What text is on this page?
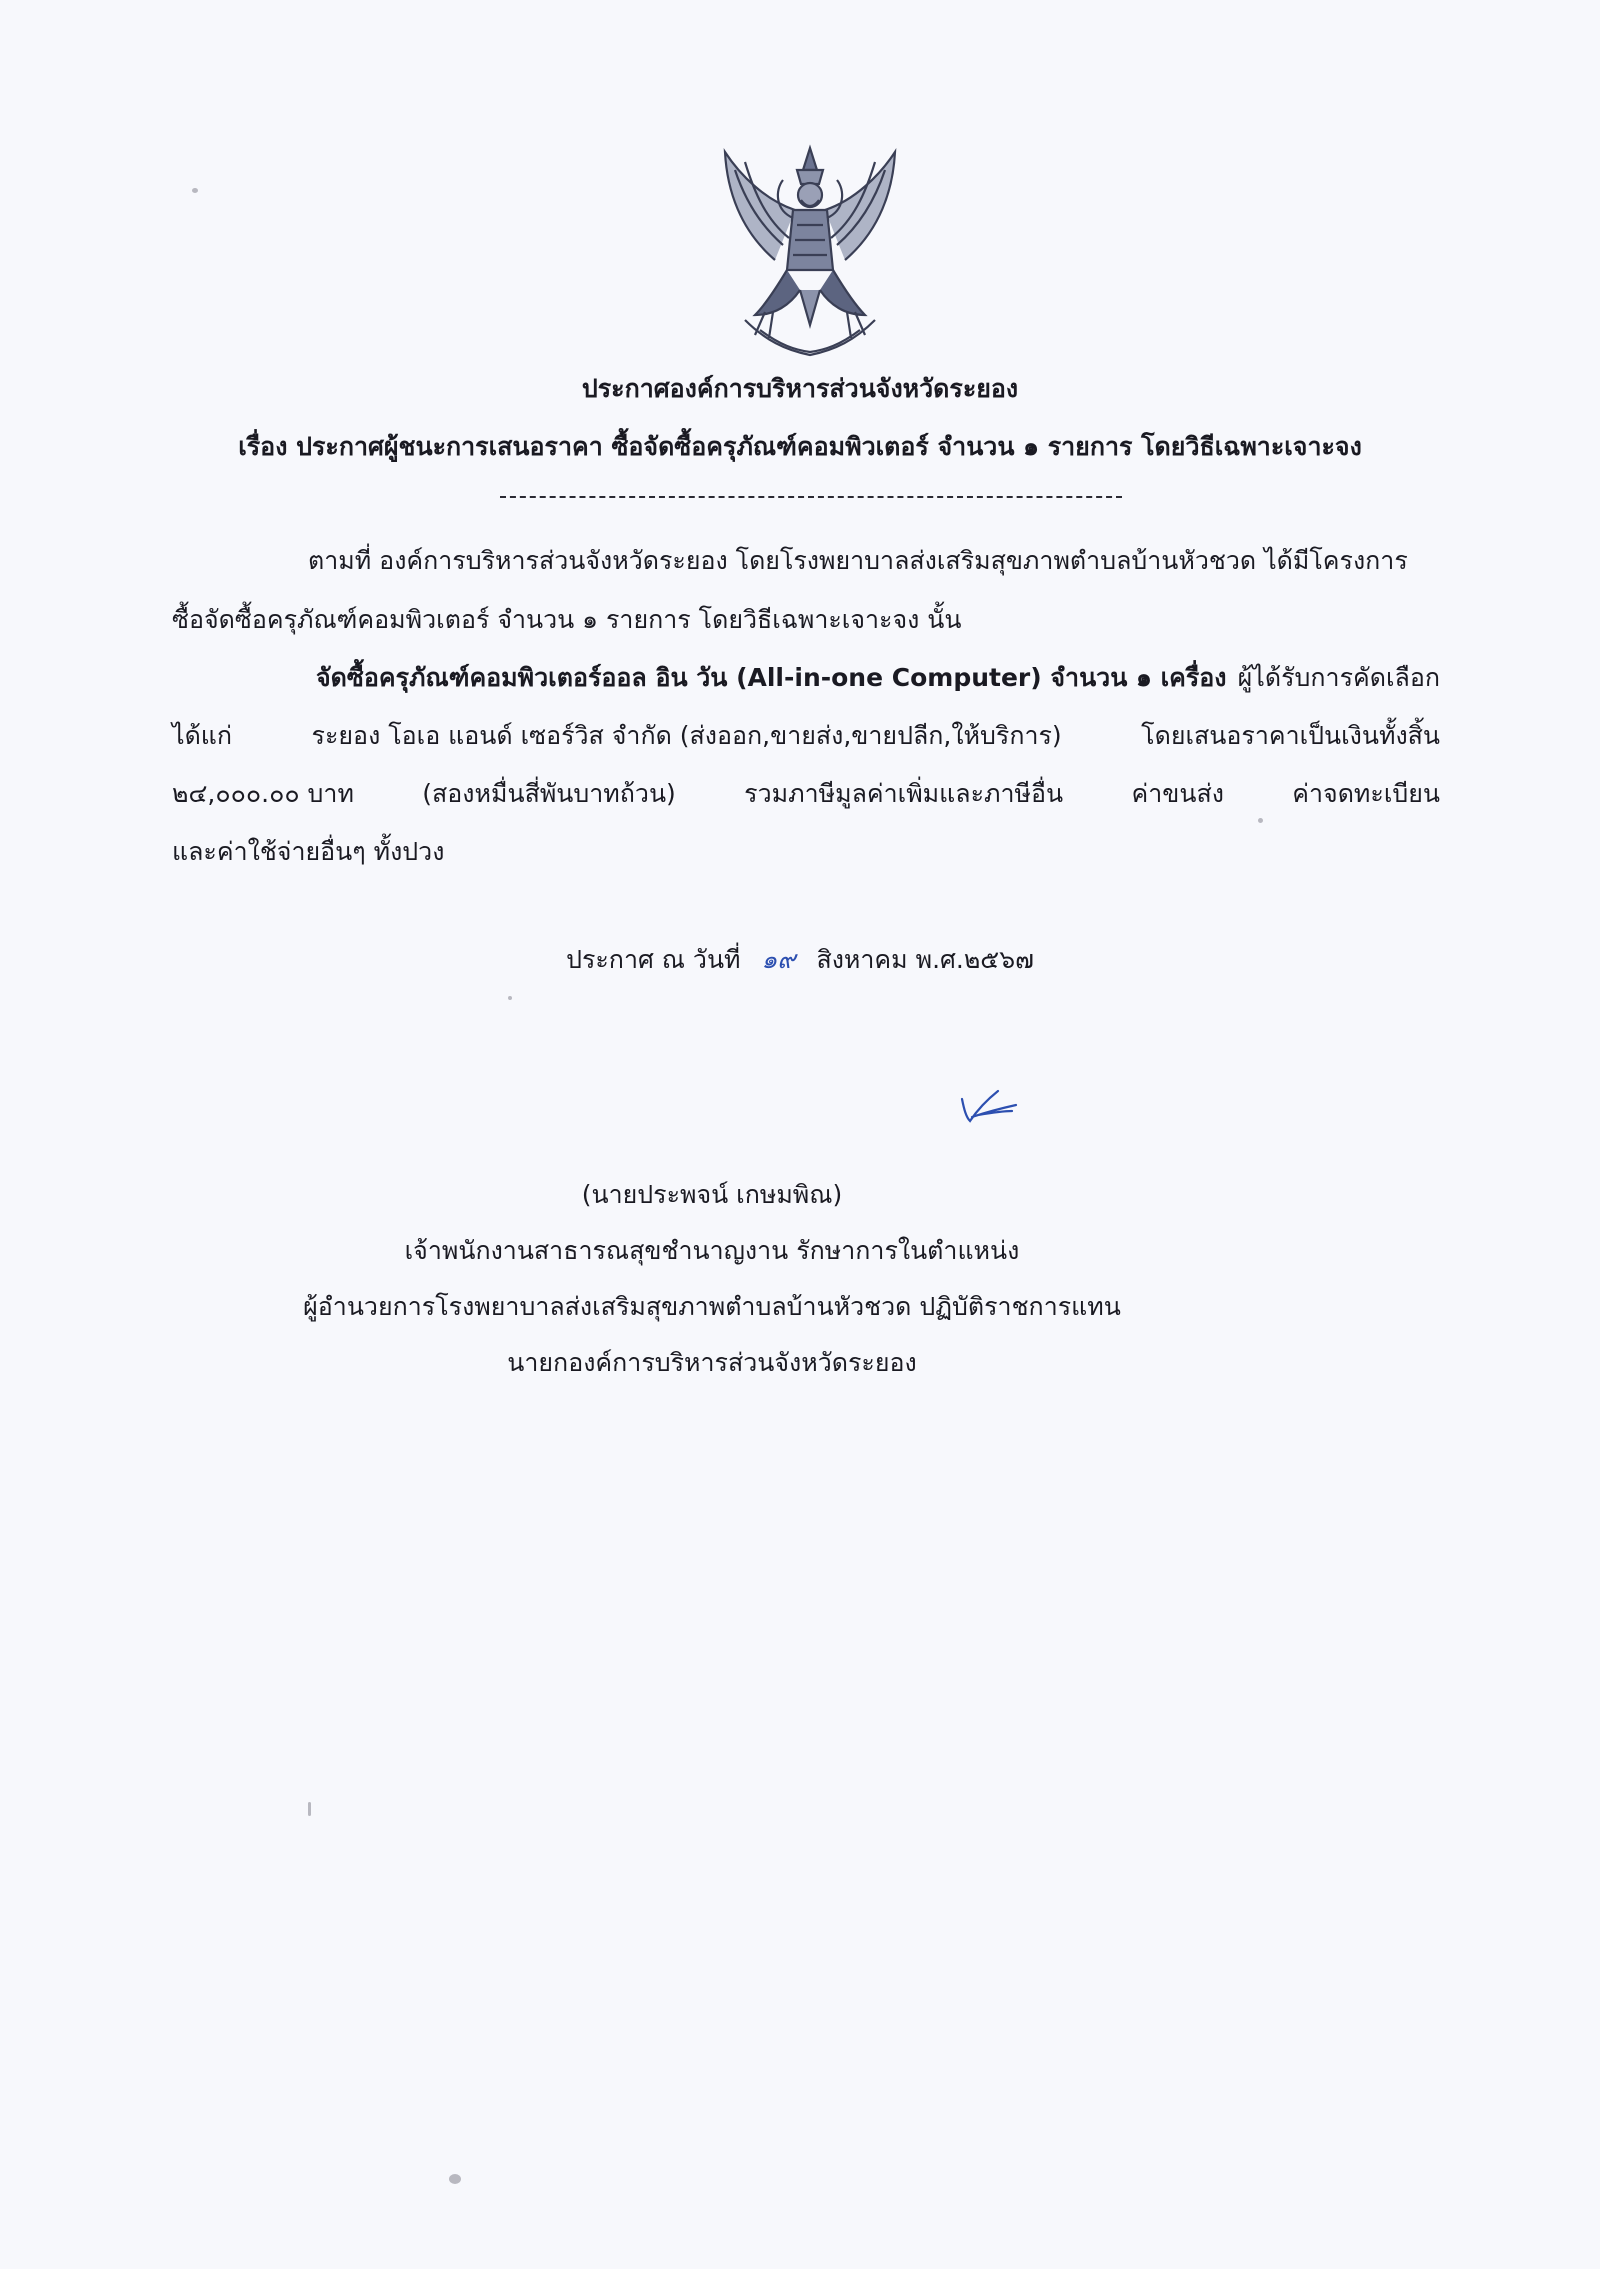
ประกาศองค์การบริหารส่วนจังหวัดระยอง
เรื่อง ประกาศผู้ชนะการเสนอราคา ซื้อจัดซื้อครุภัณฑ์คอมพิวเตอร์ จำนวน ๑ รายการ โดยวิธีเฉพาะเจาะจง
ตามที่ องค์การบริหารส่วนจังหวัดระยอง โดยโรงพยาบาลส่งเสริมสุขภาพตำบลบ้านหัวชวด ได้มีโครงการ
ซื้อจัดซื้อครุภัณฑ์คอมพิวเตอร์ จำนวน ๑ รายการ โดยวิธีเฉพาะเจาะจง นั้น
จัดซื้อครุภัณฑ์คอมพิวเตอร์ออล อิน วัน (All-in-one Computer) จำนวน ๑ เครื่อง ผู้ได้รับการคัดเลือก
ได้แก่	ระยอง โอเอ แอนด์ เซอร์วิส จำกัด (ส่งออก,ขายส่ง,ขายปลีก,ให้บริการ)	โดยเสนอราคาเป็นเงินทั้งสิ้น
๒๔,๐๐๐.๐๐ บาท	(สองหมื่นสี่พันบาทถ้วน)	รวมภาษีมูลค่าเพิ่มและภาษีอื่น	ค่าขนส่ง	ค่าจดทะเบียน
และค่าใช้จ่ายอื่นๆ ทั้งปวง
ประกาศ ณ วันที่ ๑๙ สิงหาคม พ.ศ.๒๕๖๗
(นายประพจน์ เกษมพิณ)
เจ้าพนักงานสาธารณสุขชำนาญงาน รักษาการในตำแหน่ง
ผู้อำนวยการโรงพยาบาลส่งเสริมสุขภาพตำบลบ้านหัวชวด ปฏิบัติราชการแทน
นายกองค์การบริหารส่วนจังหวัดระยอง
